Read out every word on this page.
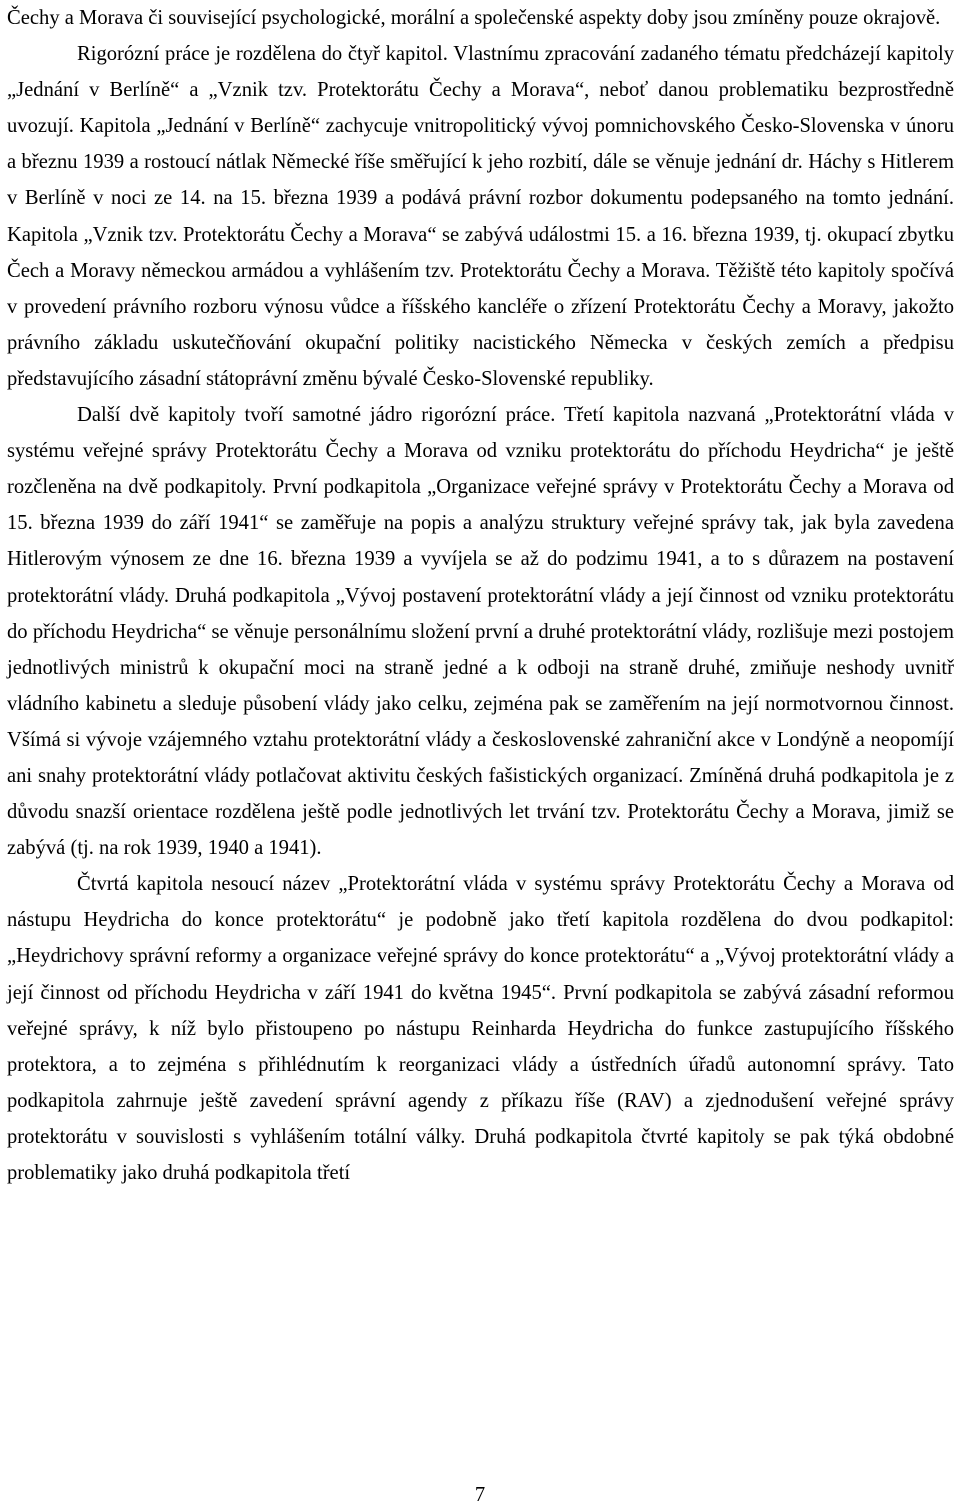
Čechy a Morava či související psychologické, morální a společenské aspekty doby jsou zmíněny pouze okrajově.

Rigorózní práce je rozdělena do čtyř kapitol. Vlastnímu zpracování zadaného tématu předcházejí kapitoly „Jednání v Berlíně“ a „Vznik tzv. Protektorátu Čechy a Morava“, neboť danou problematiku bezprostředně uvozují. Kapitola „Jednání v Berlíně“ zachycuje vnitropolitický vývoj pomnichovského Česko-Slovenska v únoru a březnu 1939 a rostoucí nátlak Německé říše směřující k jeho rozbití, dále se věnuje jednání dr. Háchy s Hitlerem v Berlíně v noci ze 14. na 15. března 1939 a podává právní rozbor dokumentu podepsaného na tomto jednání. Kapitola „Vznik tzv. Protektorátu Čechy a Morava“ se zabývá událostmi 15. a 16. března 1939, tj. okupací zbytku Čech a Moravy německou armádou a vyhlášením tzv. Protektorátu Čechy a Morava. Těžiště této kapitoly spočívá v provedení právního rozboru výnosu vůdce a říšského kancléře o zřízení Protektorátu Čechy a Moravy, jakožto právního základu uskutečňování okupační politiky nacistického Německa v českých zemích a předpisu představujícího zásadní státoprávní změnu bývalé Česko-Slovenské republiky.

Další dvě kapitoly tvoří samotné jádro rigorózní práce. Třetí kapitola nazvaná „Protektorátní vláda v systému veřejné správy Protektorátu Čechy a Morava od vzniku protektorátu do příchodu Heydricha“ je ještě rozčleněna na dvě podkapitoly. První podkapitola „Organizace veřejné správy v Protektorátu Čechy a Morava od 15. března 1939 do září 1941“ se zaměřuje na popis a analýzu struktury veřejné správy tak, jak byla zavedena Hitlerovým výnosem ze dne 16. března 1939 a vyvíjela se až do podzimu 1941, a to s důrazem na postavení protektorátní vlády. Druhá podkapitola „Vývoj postavení protektorátní vlády a její činnost od vzniku protektorátu do příchodu Heydricha“ se věnuje personálnímu složení první a druhé protektorátní vlády, rozlišuje mezi postojem jednotlivých ministrů k okupační moci na straně jedné a k odboji na straně druhé, zmiňuje neshody uvnitř vládního kabinetu a sleduje působení vlády jako celku, zejména pak se zaměřením na její normotvornou činnost. Všímá si vývoje vzájemného vztahu protektorátní vlády a československé zahraniční akce v Londýně a neopomíjí ani snahy protektorátní vlády potlačovat aktivitu českých fašistických organizací. Zmíněná druhá podkapitola je z důvodu snazší orientace rozdělena ještě podle jednotlivých let trvání tzv. Protektorátu Čechy a Morava, jimiž se zabývá (tj. na rok 1939, 1940 a 1941).

Čtvrtá kapitola nesoucí název „Protektorátní vláda v systému správy Protektorátu Čechy a Morava od nástupu Heydricha do konce protektorátu“ je podobně jako třetí kapitola rozdělena do dvou podkapitol: „Heydrichovy správní reformy a organizace veřejné správy do konce protektorátu“ a „Vývoj protektorátní vlády a její činnost od příchodu Heydricha v září 1941 do května 1945“. První podkapitola se zabývá zásadní reformou veřejné správy, k níž bylo přistoupeno po nástupu Reinharda Heydricha do funkce zastupujícího říšského protektora, a to zejména s přihlédnutím k reorganizaci vlády a ústředních úřadů autonomní správy. Tato podkapitola zahrnuje ještě zavedení správní agendy z příkazu říše (RAV) a zjednodušení veřejné správy protektorátu v souvislosti s vyhlášením totální války. Druhá podkapitola čtvrté kapitoly se pak týká obdobné problematiky jako druhá podkapitola třetí

7
